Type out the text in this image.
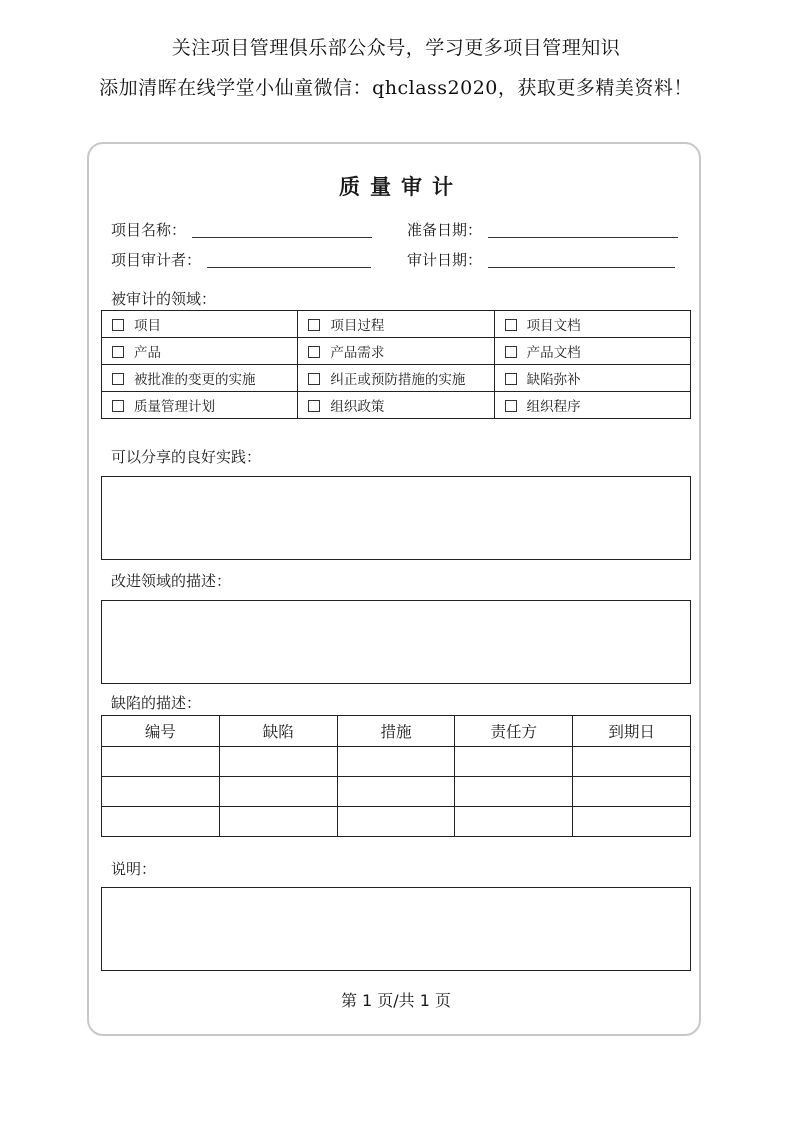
关注项目管理俱乐部公众号，学习更多项目管理知识
添加清晖在线学堂小仙童微信：qhclass2020，获取更多精美资料！
质量审计
项目名称：	准备日期：
项目审计者：	审计日期：
被审计的领域：
项目	项目过程	项目文档
产品	产品需求	产品文档
被批准的变更的实施	纠正或预防措施的实施	缺陷弥补
质量管理计划	组织政策	组织程序
可以分享的良好实践：
改进领域的描述：
缺陷的描述：
编号	缺陷	措施	责任方	到期日

说明：
第 1 页/共 1 页
